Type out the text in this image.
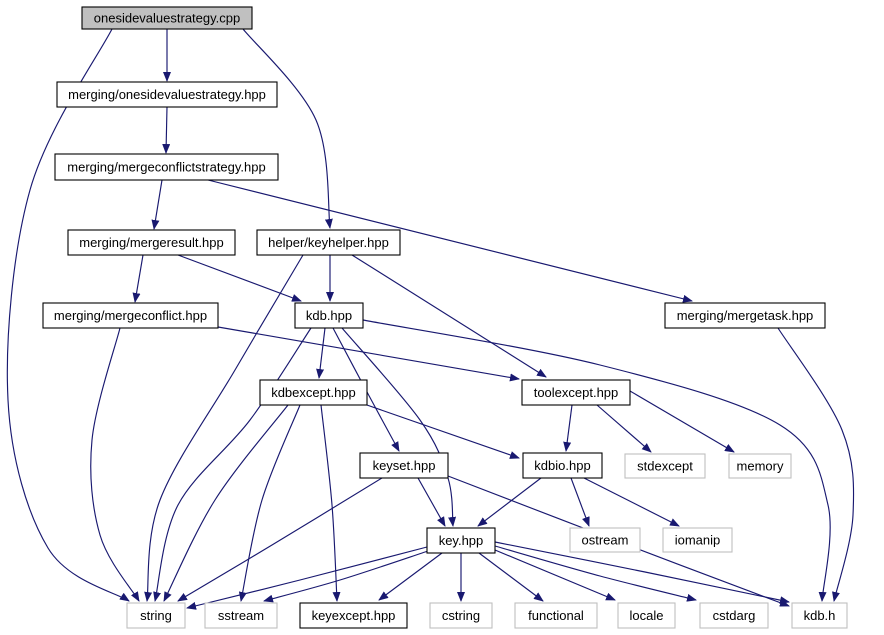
onesidevaluestrategy.cpp
merging/onesidevaluestrategy.hpp
merging/mergeconflictstrategy.hpp
merging/mergeresult.hpp	helper/keyhelper.hpp
merging/mergeconflict.hpp	kdb.hpp	merging/mergetask.hpp
kdbexcept.hpp	toolexcept.hpp
keyset.hpp	kdbio.hpp	stdexcept	memory
ostream	iomanip
key.hpp
string	sstream	keyexcept.hpp	cstring	functional	locale	cstdarg	kdb.h
